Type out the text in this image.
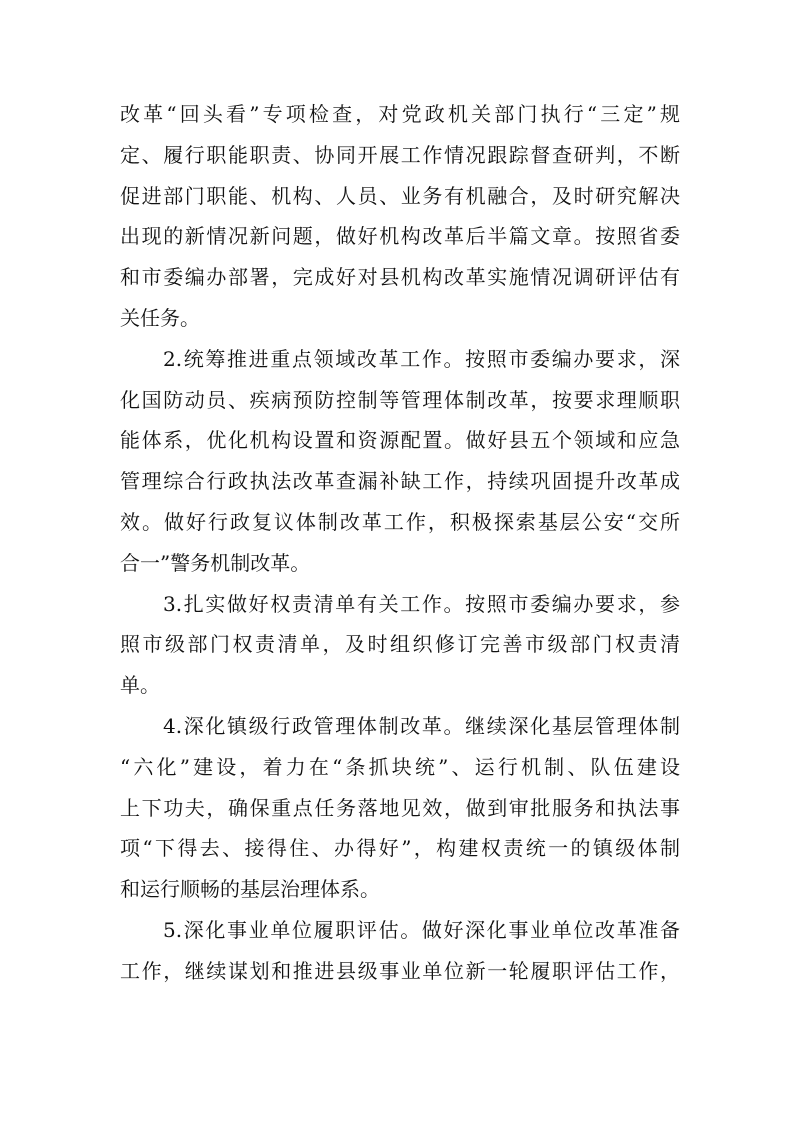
改革“回头看”专项检查，对党政机关部门执行“三定”规
定、履行职能职责、协同开展工作情况跟踪督查研判，不断
促进部门职能、机构、人员、业务有机融合，及时研究解决
出现的新情况新问题，做好机构改革后半篇文章。按照省委
和市委编办部署，完成好对县机构改革实施情况调研评估有
关任务。
2.统筹推进重点领域改革工作。按照市委编办要求，深
化国防动员、疾病预防控制等管理体制改革，按要求理顺职
能体系，优化机构设置和资源配置。做好县五个领域和应急
管理综合行政执法改革查漏补缺工作，持续巩固提升改革成
效。做好行政复议体制改革工作，积极探索基层公安“交所
合一”警务机制改革。
3.扎实做好权责清单有关工作。按照市委编办要求，参
照市级部门权责清单，及时组织修订完善市级部门权责清
单。
4.深化镇级行政管理体制改革。继续深化基层管理体制
“六化”建设，着力在“条抓块统”、运行机制、队伍建设
上下功夫，确保重点任务落地见效，做到审批服务和执法事
项“下得去、接得住、办得好”，构建权责统一的镇级体制
和运行顺畅的基层治理体系。
5.深化事业单位履职评估。做好深化事业单位改革准备
工作，继续谋划和推进县级事业单位新一轮履职评估工作，
